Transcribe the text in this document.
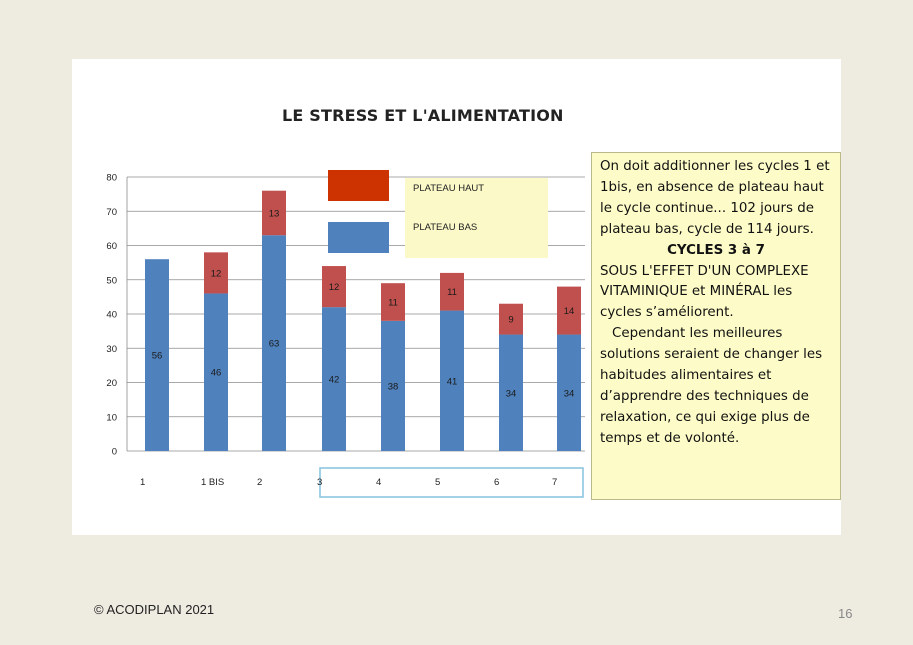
0
10
20
30
40
50
60
70
80
56
1
46
12
1 BIS
63
13
2
42
12
3
38
11
4
41
11
5
34
9
6
34
14
7
LE STRESS ET L'ALIMENTATION
PLATEAU HAUT
PLATEAU BAS

On doit additionner les cycles 1 et 1bis, en absence de plateau haut le cycle continue... 102 jours de plateau bas, cycle de 114 jours.

CYCLES 3 à 7

SOUS L'EFFET D'UN COMPLEXE VITAMINIQUE et MINÉRAL les cycles s’améliorent.

Cependant les meilleures solutions seraient de changer les habitudes alimentaires et d’apprendre des techniques de relaxation, ce qui exige plus de temps et de volonté.

© ACODIPLAN 2021	16
